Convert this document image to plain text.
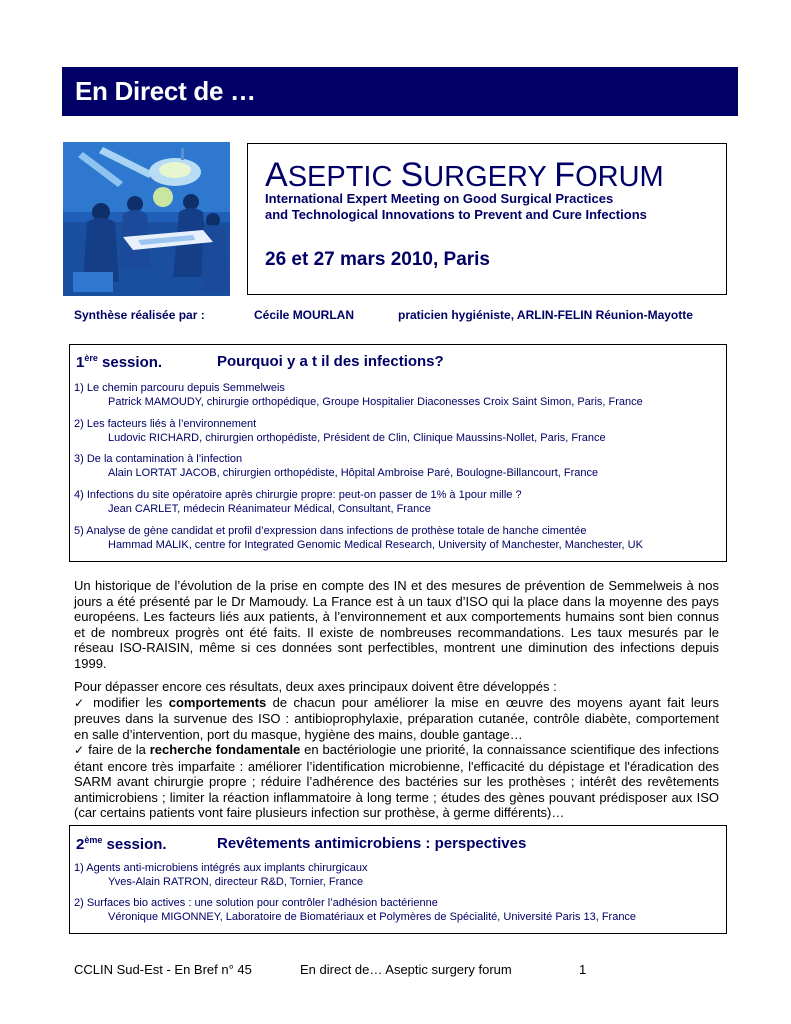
En Direct de …
ASEPTIC SURGERY FORUM
International Expert Meeting on Good Surgical Practices
and Technological Innovations to Prevent and Cure Infections
26 et 27 mars 2010, Paris
Synthèse réalisée par :	Cécile MOURLAN	praticien hygiéniste, ARLIN-FELIN Réunion-Mayotte
1ère session.	Pourquoi y a t il des infections?
1) Le chemin parcouru depuis Semmelweis
Patrick MAMOUDY, chirurgie orthopédique, Groupe Hospitalier Diaconesses Croix Saint Simon, Paris, France
2) Les facteurs liés à l’environnement
Ludovic RICHARD, chirurgien orthopédiste, Président de Clin, Clinique Maussins-Nollet, Paris, France
3) De la contamination à l’infection
Alain LORTAT JACOB, chirurgien orthopédiste, Hôpital Ambroise Paré, Boulogne-Billancourt, France
4) Infections du site opératoire après chirurgie propre: peut-on passer de 1% à 1pour mille ?
Jean CARLET, médecin Réanimateur Médical, Consultant, France
5) Analyse de gène candidat et profil d’expression dans infections de prothèse totale de hanche cimentée
Hammad MALIK, centre for Integrated Genomic Medical Research, University of Manchester, Manchester, UK

Un historique de l’évolution de la prise en compte des IN et des mesures de prévention de Semmelweis à nos jours a été présenté par le Dr Mamoudy. La France est à un taux d’ISO qui la place dans la moyenne des pays européens. Les facteurs liés aux patients, à l’environnement et aux comportements humains sont bien connus et de nombreux progrès ont été faits. Il existe de nombreuses recommandations. Les taux mesurés par le réseau ISO-RAISIN, même si ces données sont perfectibles, montrent une diminution des infections depuis 1999.

Pour dépasser encore ces résultats, deux axes principaux doivent être développés :

✓ modifier les comportements de chacun pour améliorer la mise en œuvre des moyens ayant fait leurs preuves dans la survenue des ISO : antibioprophylaxie, préparation cutanée, contrôle diabète, comportement en salle d’intervention, port du masque, hygiène des mains, double gantage…

✓ faire de la recherche fondamentale en bactériologie une priorité, la connaissance scientifique des infections étant encore très imparfaite : améliorer l’identification microbienne, l'efficacité du dépistage et l'éradication des SARM avant chirurgie propre ; réduire l’adhérence des bactéries sur les prothèses ; intérêt des revêtements antimicrobiens ; limiter la réaction inflammatoire à long terme ; études des gènes pouvant prédisposer aux ISO (car certains patients vont faire plusieurs infection sur prothèse, à germe différents)…

2ème session.	Revêtements antimicrobiens : perspectives
1) Agents anti-microbiens intégrés aux implants chirurgicaux
Yves-Alain RATRON, directeur R&D, Tornier, France
2) Surfaces bio actives : une solution pour contrôler l’adhésion bactérienne
Véronique MIGONNEY, Laboratoire de Biomatériaux et Polymères de Spécialité, Université Paris 13, France
CCLIN Sud-Est - En Bref n° 45	En direct de… Aseptic surgery forum	1
